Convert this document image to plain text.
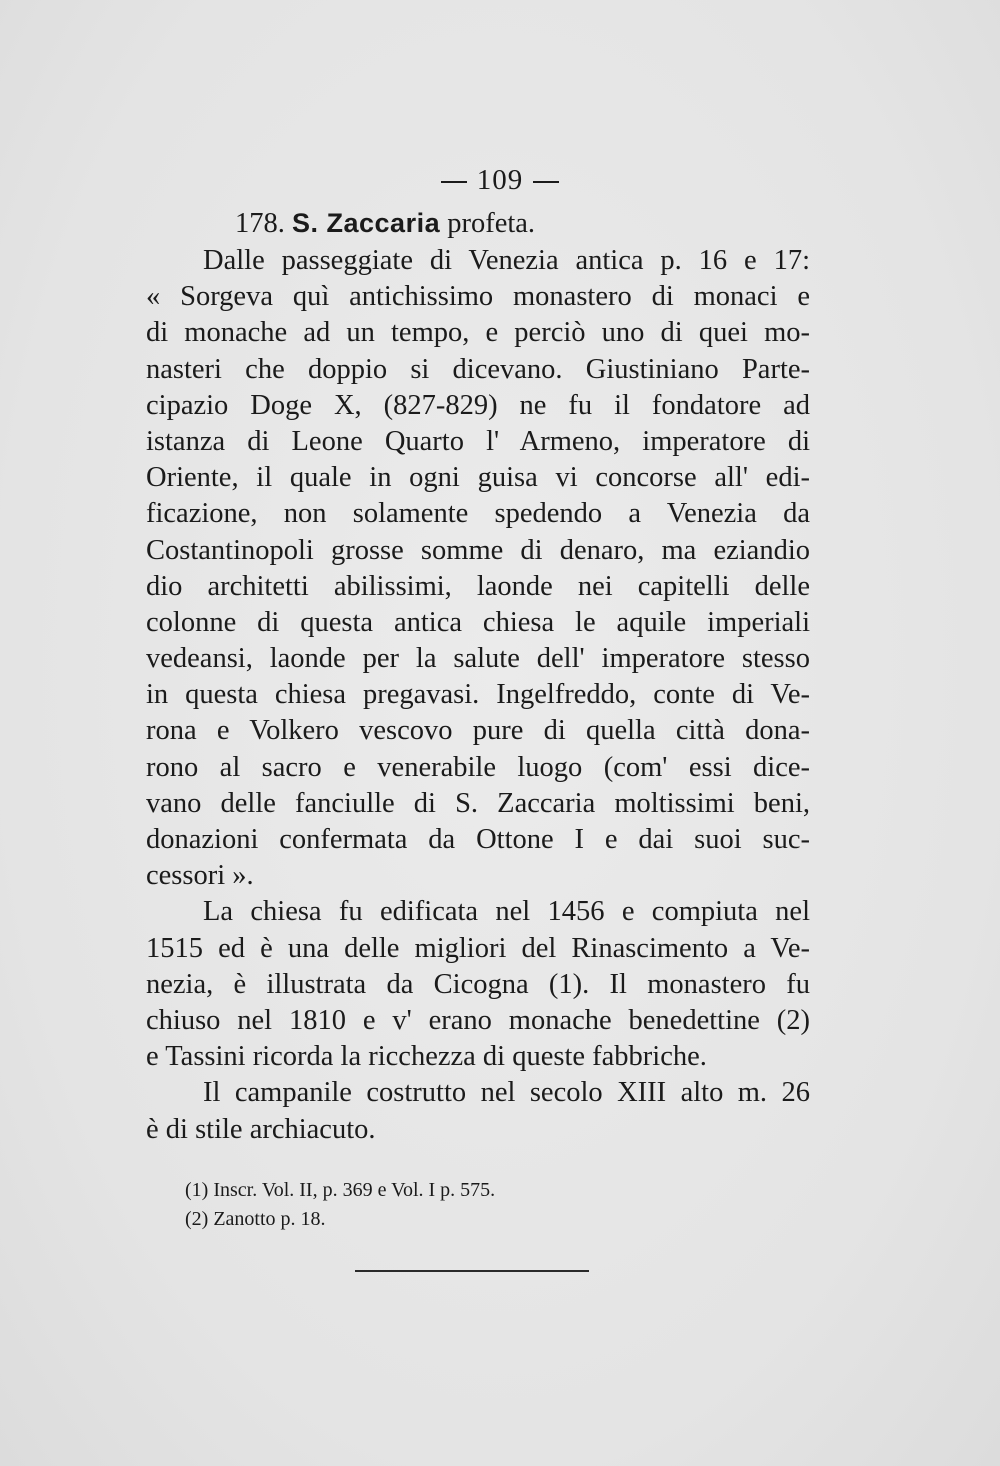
109
178. S. Zaccaria profeta.
Dalle passeggiate di Venezia antica p. 16 e 17:
« Sorgeva quì antichissimo monastero di monaci e
di monache ad un tempo, e perciò uno di quei mo-
nasteri che doppio si dicevano. Giustiniano Parte-
cipazio Doge X, (827-829) ne fu il fondatore ad
istanza di Leone Quarto l' Armeno, imperatore di
Oriente, il quale in ogni guisa vi concorse all' edi-
ficazione, non solamente spedendo a Venezia da
Costantinopoli grosse somme di denaro, ma eziandio
dio architetti abilissimi, laonde nei capitelli delle
colonne di questa antica chiesa le aquile imperiali
vedeansi, laonde per la salute dell' imperatore stesso
in questa chiesa pregavasi. Ingelfreddo, conte di Ve-
rona e Volkero vescovo pure di quella città dona-
rono al sacro e venerabile luogo (com' essi dice-
vano delle fanciulle di S. Zaccaria moltissimi beni,
donazioni confermata da Ottone I e dai suoi suc-
cessori ».
La chiesa fu edificata nel 1456 e compiuta nel
1515 ed è una delle migliori del Rinascimento a Ve-
nezia, è illustrata da Cicogna (1). Il monastero fu
chiuso nel 1810 e v' erano monache benedettine (2)
e Tassini ricorda la ricchezza di queste fabbriche.
Il campanile costrutto nel secolo XIII alto m. 26
è di stile archiacuto.
(1) Inscr. Vol. II, p. 369 e Vol. I p. 575.
(2) Zanotto p. 18.
